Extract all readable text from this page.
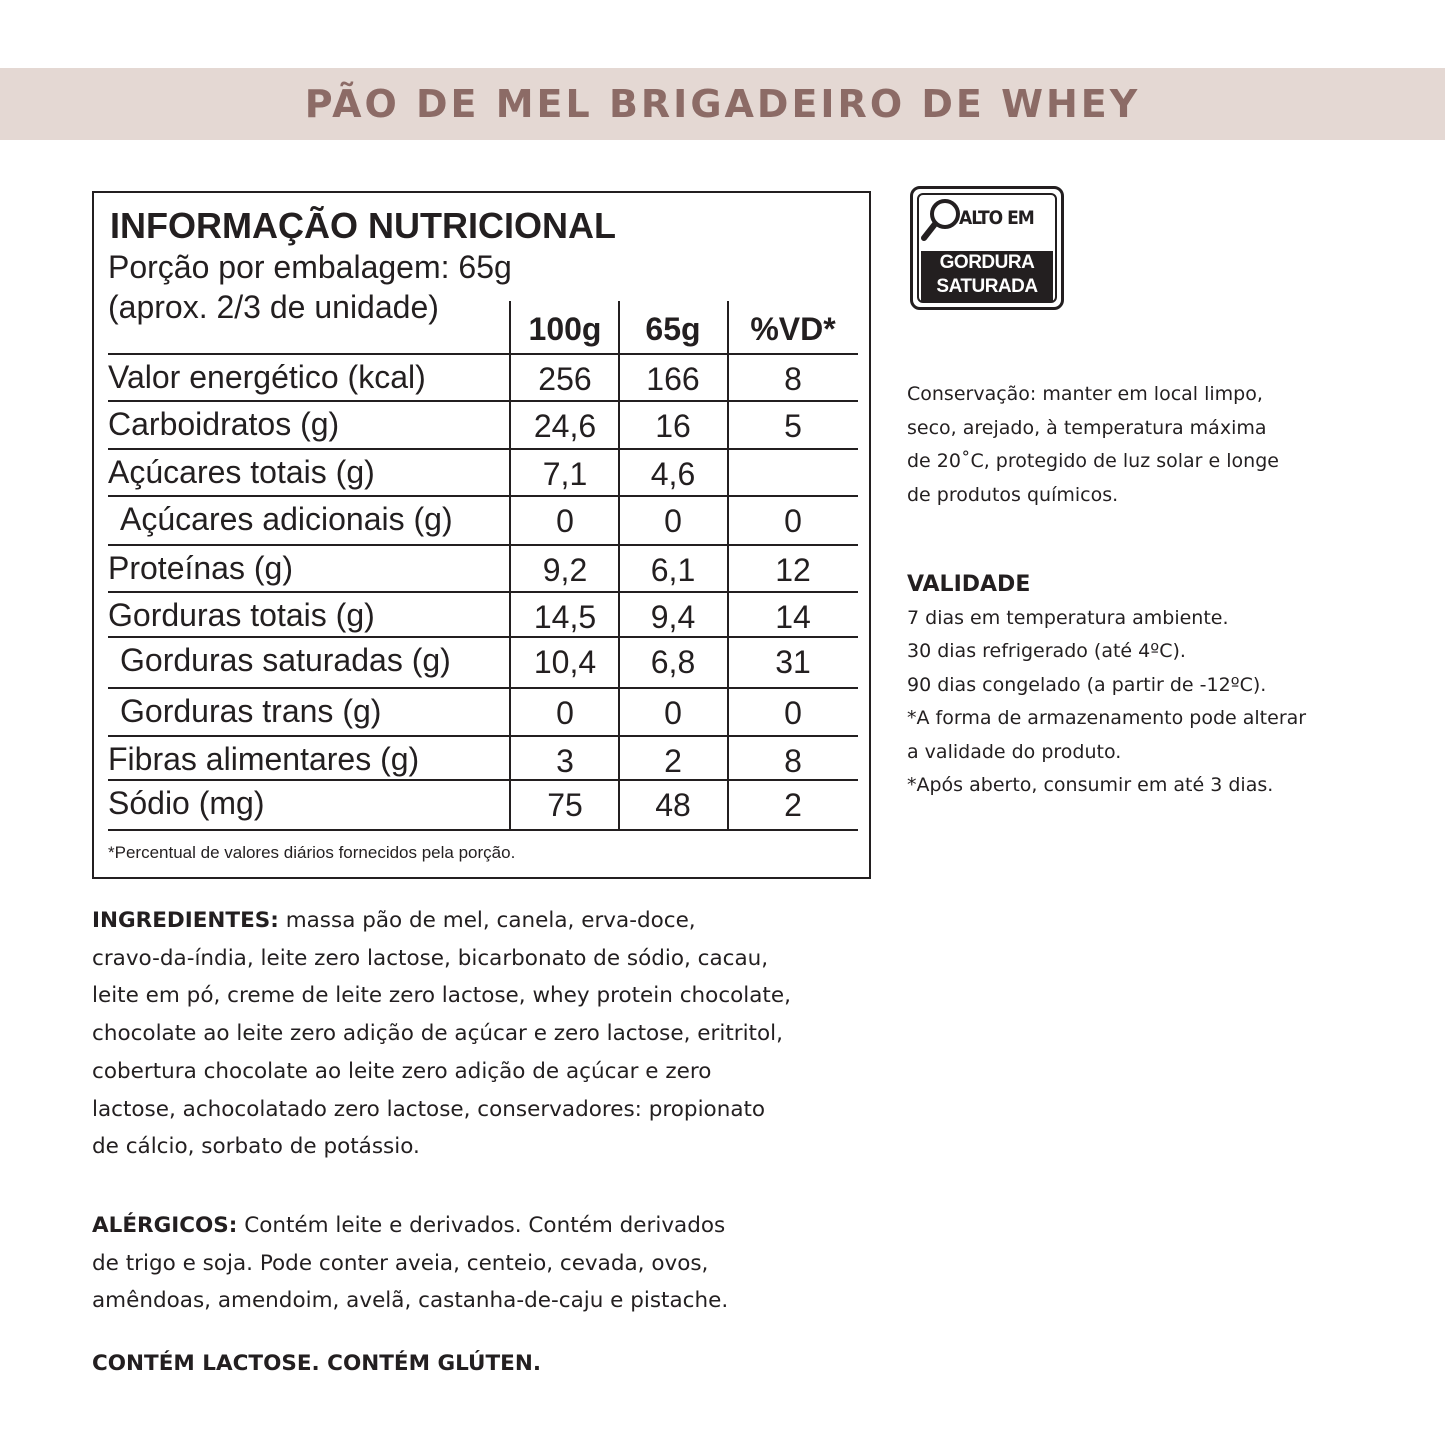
PÃO DE MEL BRIGADEIRO DE WHEY
INFORMAÇÃO NUTRICIONAL
Porção por embalagem: 65g
(aprox. 2/3 de unidade)
100g	65g	%VD*
Valor energético (kcal)	256	166	8
Carboidratos (g)	24,6	16	5
Açúcares totais (g)	7,1	4,6
Açúcares adicionais (g)	0	0	0
Proteínas (g)	9,2	6,1	12
Gorduras totais (g)	14,5	9,4	14
Gorduras saturadas (g)	10,4	6,8	31
Gorduras trans (g)	0	0	0
Fibras alimentares (g)	3	2	8
Sódio (mg)	75	48	2
*Percentual de valores diários fornecidos pela porção.
ALTO EM
GORDURA
SATURADA
Conservação: manter em local limpo,
seco, arejado, à temperatura máxima
de 20˚C, protegido de luz solar e longe
de produtos químicos.
VALIDADE
7 dias em temperatura ambiente.
30 dias refrigerado (até 4ºC).
90 dias congelado (a partir de -12ºC).
*A forma de armazenamento pode alterar
a validade do produto.
*Após aberto, consumir em até 3 dias.
INGREDIENTES: massa pão de mel, canela, erva-doce,
cravo-da-índia, leite zero lactose, bicarbonato de sódio, cacau,
leite em pó, creme de leite zero lactose, whey protein chocolate,
chocolate ao leite zero adição de açúcar e zero lactose, eritritol,
cobertura chocolate ao leite zero adição de açúcar e zero
lactose, achocolatado zero lactose, conservadores: propionato
de cálcio, sorbato de potássio.
ALÉRGICOS: Contém leite e derivados. Contém derivados
de trigo e soja. Pode conter aveia, centeio, cevada, ovos,
amêndoas, amendoim, avelã, castanha-de-caju e pistache.
CONTÉM LACTOSE. CONTÉM GLÚTEN.
